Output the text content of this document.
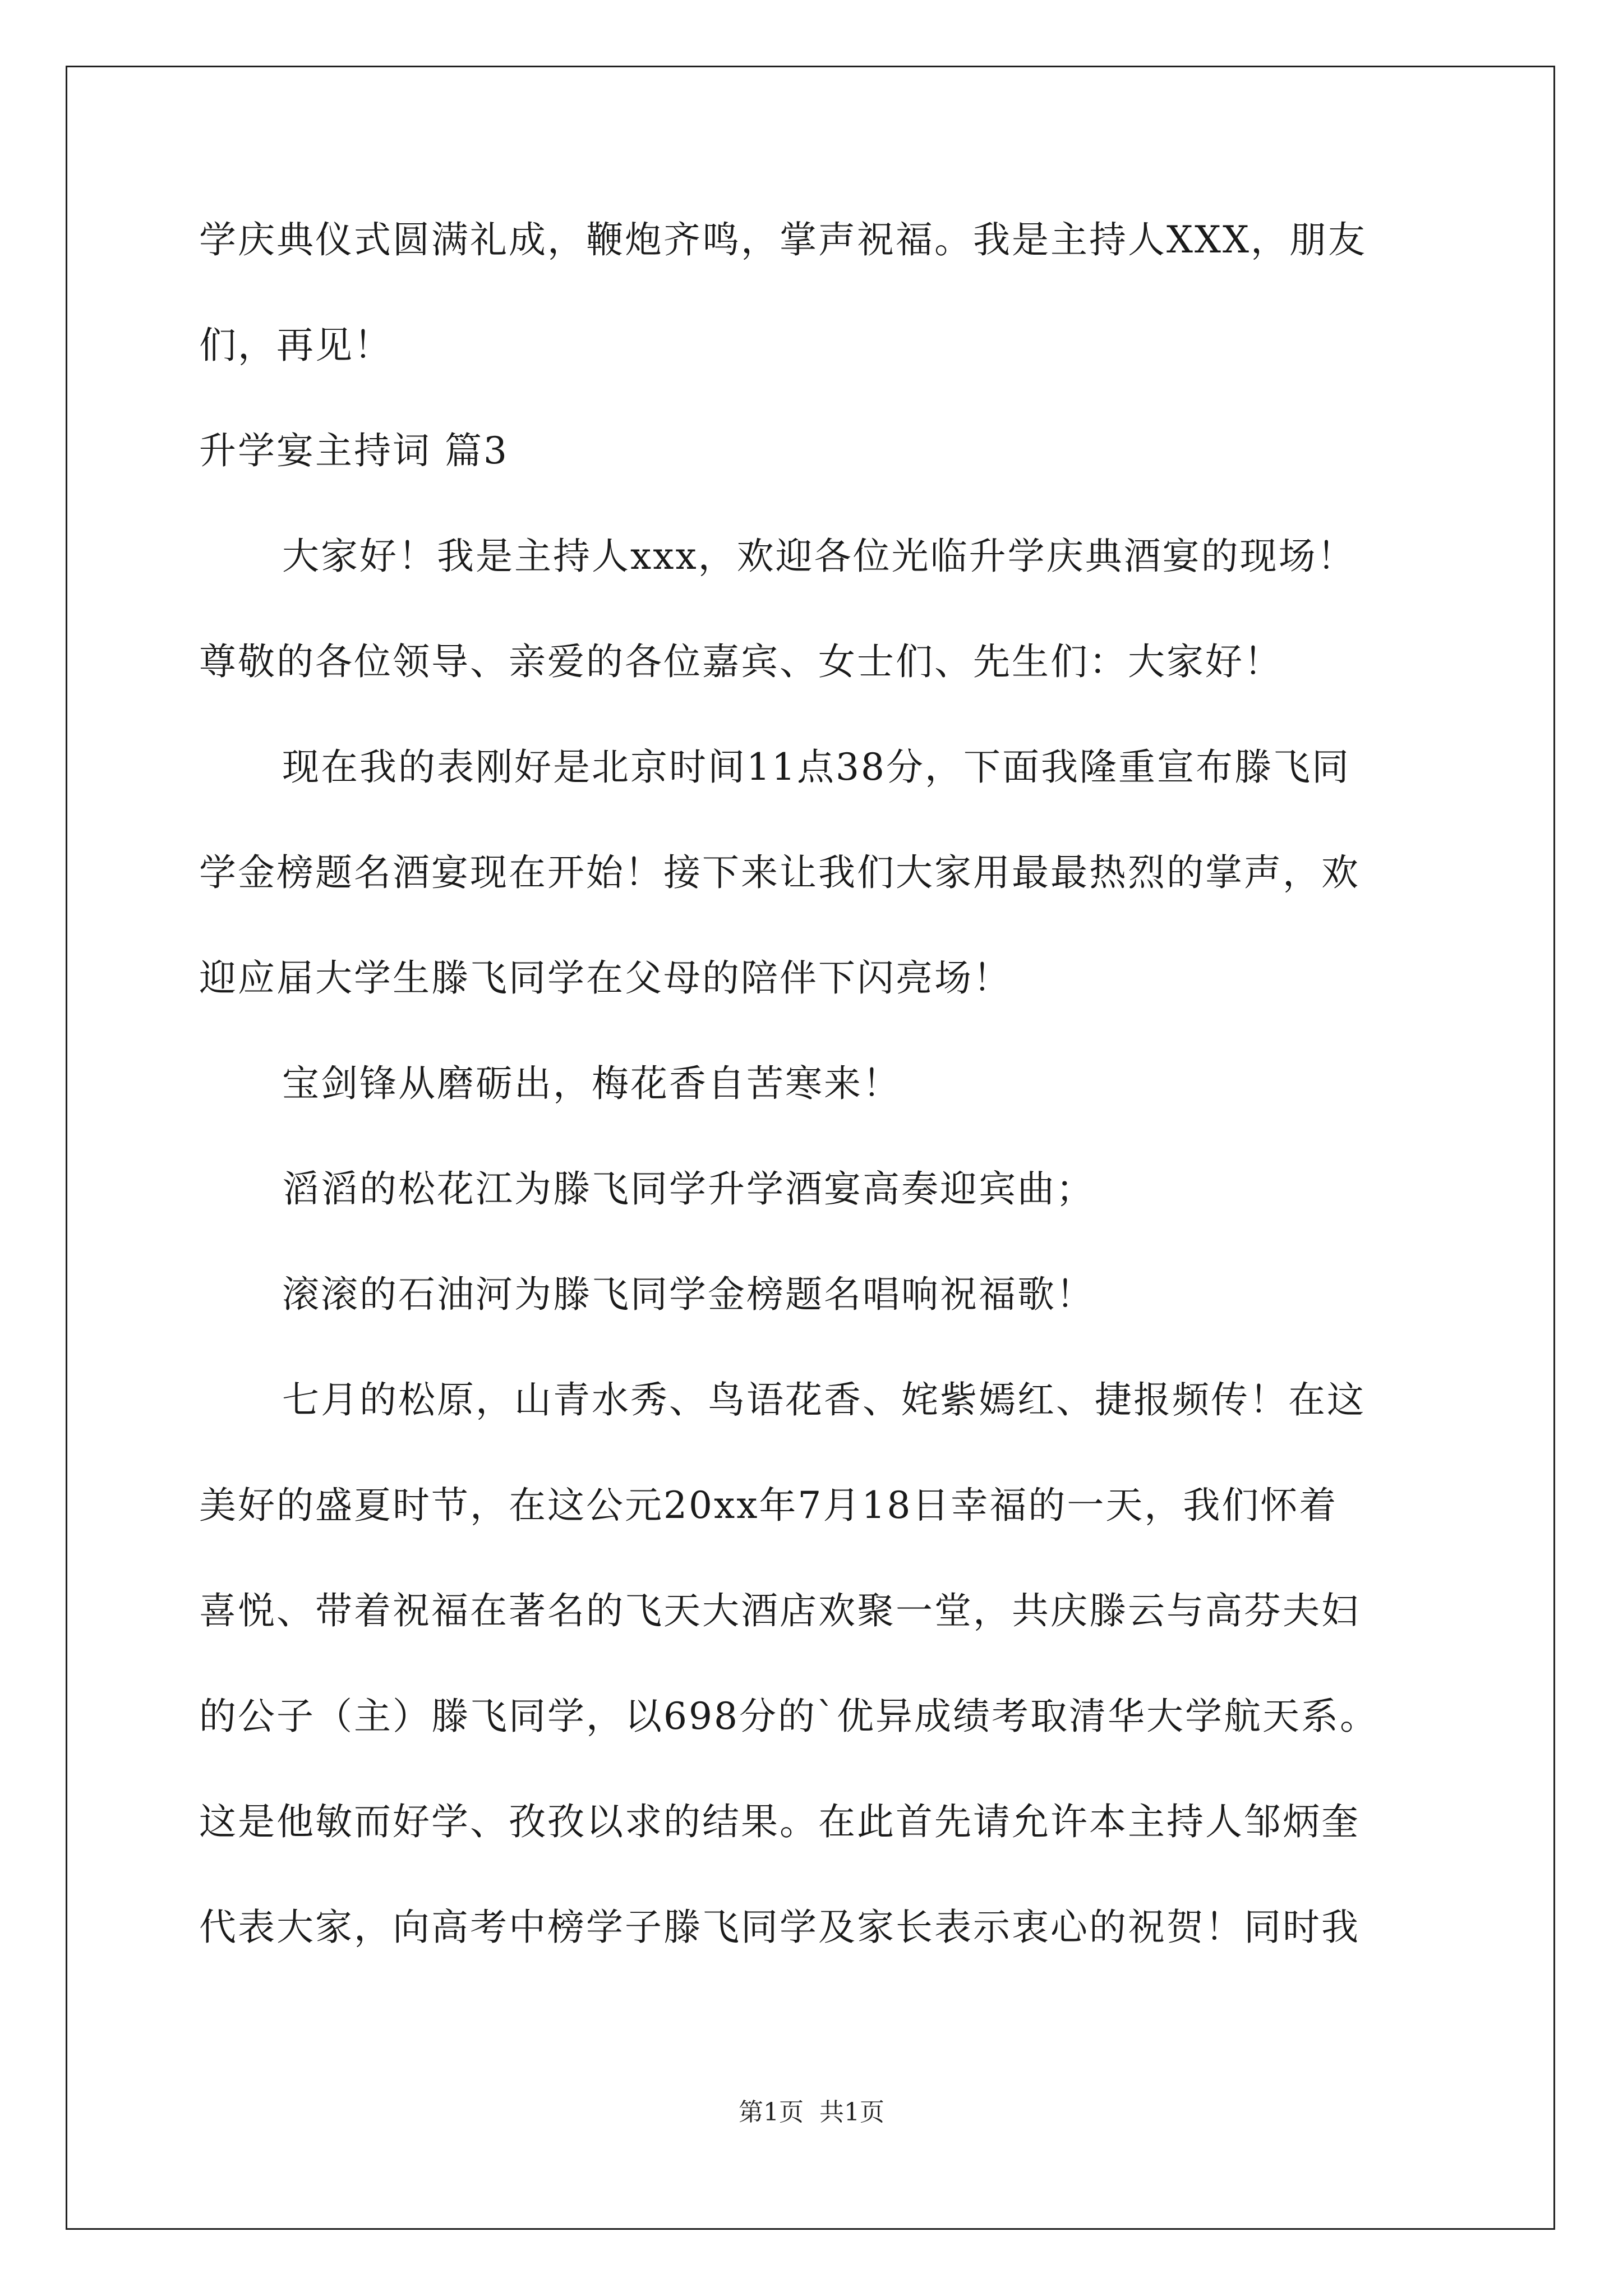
学庆典仪式圆满礼成，鞭炮齐鸣，掌声祝福。我是主持人XXX，朋友

们，再见！

升学宴主持词 篇3

大家好！我是主持人xxx，欢迎各位光临升学庆典酒宴的现场！

尊敬的各位领导、亲爱的各位嘉宾、女士们、先生们：大家好！

现在我的表刚好是北京时间11点38分，下面我隆重宣布滕飞同

学金榜题名酒宴现在开始！接下来让我们大家用最最热烈的掌声，欢

迎应届大学生滕飞同学在父母的陪伴下闪亮场！

宝剑锋从磨砺出，梅花香自苦寒来！

滔滔的松花江为滕飞同学升学酒宴高奏迎宾曲；

滚滚的石油河为滕飞同学金榜题名唱响祝福歌！

七月的松原，山青水秀、鸟语花香、姹紫嫣红、捷报频传！在这

美好的盛夏时节，在这公元20xx年7月18日幸福的一天，我们怀着

喜悦、带着祝福在著名的飞天大酒店欢聚一堂，共庆滕云与高芬夫妇

的公子（主）滕飞同学，以698分的`优异成绩考取清华大学航天系。

这是他敏而好学、孜孜以求的结果。在此首先请允许本主持人邹炳奎

代表大家，向高考中榜学子滕飞同学及家长表示衷心的祝贺！同时我

第1页 共1页
